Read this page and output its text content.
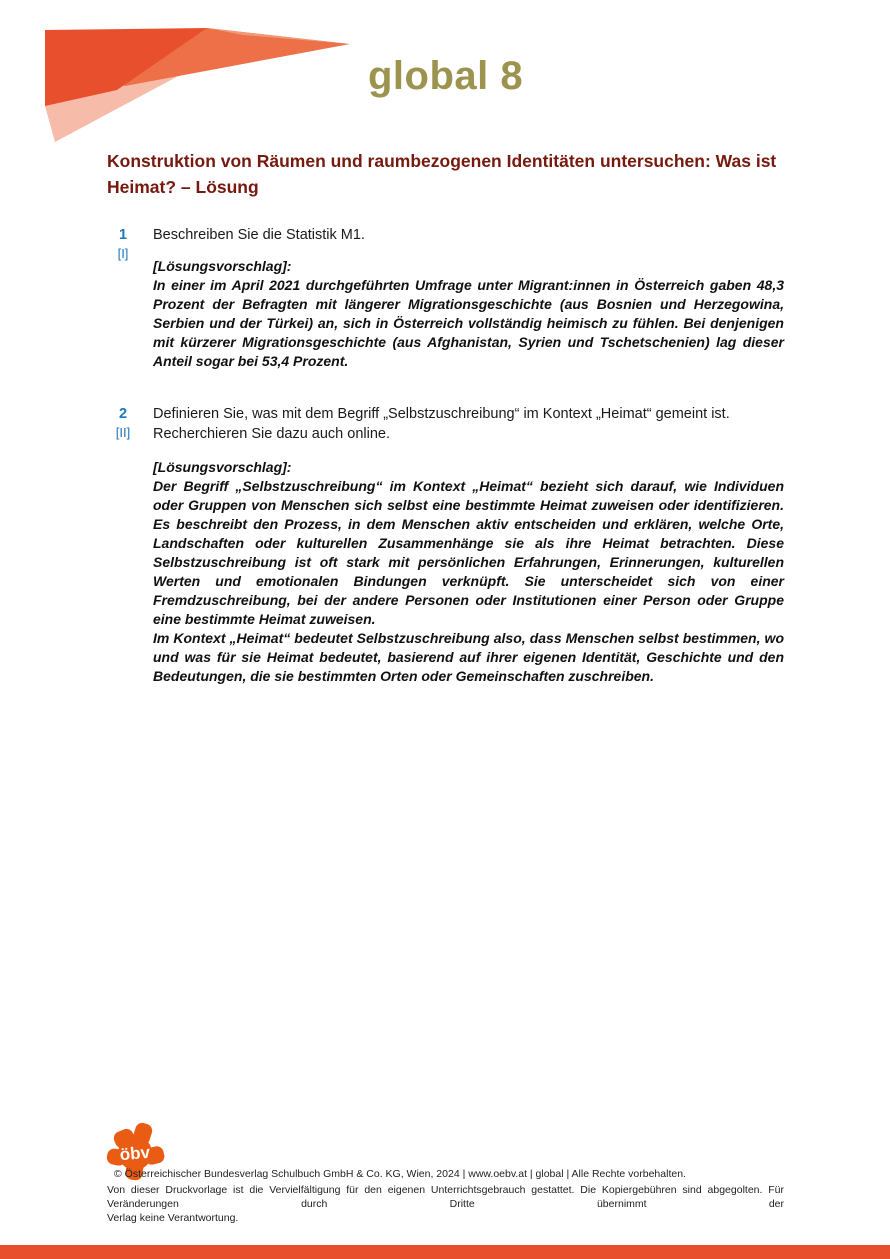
global 8
Konstruktion von Räumen und raumbezogenen Identitäten untersuchen: Was ist Heimat? – Lösung
1
[I]

Beschreiben Sie die Statistik M1.

[Lösungsvorschlag]:

In einer im April 2021 durchgeführten Umfrage unter Migrant:innen in Österreich gaben 48,3 Prozent der Befragten mit längerer Migrationsgeschichte (aus Bosnien und Herzegowina, Serbien und der Türkei) an, sich in Österreich vollständig heimisch zu fühlen. Bei denjenigen mit kürzerer Migrationsgeschichte (aus Afghanistan, Syrien und Tschetschenien) lag dieser Anteil sogar bei 53,4 Prozent.

2
[II]

Definieren Sie, was mit dem Begriff „Selbstzuschreibung“ im Kontext „Heimat“ gemeint ist.

Recherchieren Sie dazu auch online.

[Lösungsvorschlag]:

Der Begriff „Selbstzuschreibung“ im Kontext „Heimat“ bezieht sich darauf, wie Individuen oder Gruppen von Menschen sich selbst eine bestimmte Heimat zuweisen oder identifizieren. Es beschreibt den Prozess, in dem Menschen aktiv entscheiden und erklären, welche Orte, Landschaften oder kulturellen Zusammenhänge sie als ihre Heimat betrachten. Diese Selbstzuschreibung ist oft stark mit persönlichen Erfahrungen, Erinnerungen, kulturellen Werten und emotionalen Bindungen verknüpft. Sie unterscheidet sich von einer Fremdzuschreibung, bei der andere Personen oder Institutionen einer Person oder Gruppe eine bestimmte Heimat zuweisen.

Im Kontext „Heimat“ bedeutet Selbstzuschreibung also, dass Menschen selbst bestimmen, wo und was für sie Heimat bedeutet, basierend auf ihrer eigenen Identität, Geschichte und den Bedeutungen, die sie bestimmten Orten oder Gemeinschaften zuschreiben.

öbv
© Österreichischer Bundesverlag Schulbuch GmbH & Co. KG, Wien, 2024 | www.oebv.at | global | Alle Rechte vorbehalten.
Von dieser Druckvorlage ist die Vervielfältigung für den eigenen Unterrichtsgebrauch gestattet. Die Kopiergebühren sind abgegolten. Für Veränderungen durch Dritte übernimmt der
Verlag keine Verantwortung.
